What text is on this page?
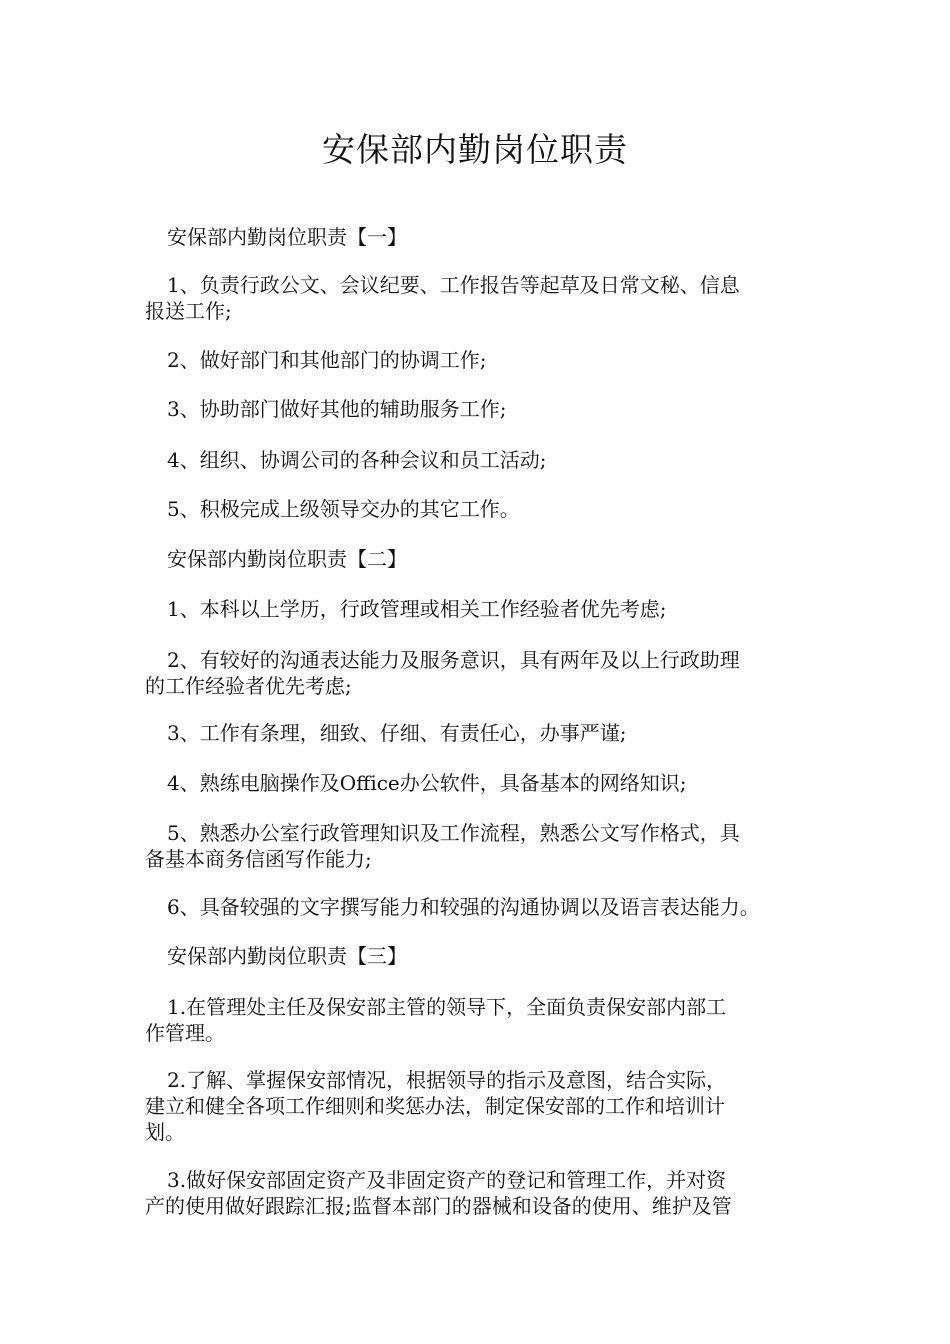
安保部内勤岗位职责
安保部内勤岗位职责【一】
1、负责行政公文、会议纪要、工作报告等起草及日常文秘、信息
报送工作;
2、做好部门和其他部门的协调工作;
3、协助部门做好其他的辅助服务工作;
4、组织、协调公司的各种会议和员工活动;
5、积极完成上级领导交办的其它工作。
安保部内勤岗位职责【二】
1、本科以上学历，行政管理或相关工作经验者优先考虑;
2、有较好的沟通表达能力及服务意识，具有两年及以上行政助理
的工作经验者优先考虑;
3、工作有条理，细致、仔细、有责任心，办事严谨;
4、熟练电脑操作及Office办公软件，具备基本的网络知识;
5、熟悉办公室行政管理知识及工作流程，熟悉公文写作格式，具
备基本商务信函写作能力;
6、具备较强的文字撰写能力和较强的沟通协调以及语言表达能力。
安保部内勤岗位职责【三】
1.在管理处主任及保安部主管的领导下，全面负责保安部内部工
作管理。
2.了解、掌握保安部情况，根据领导的指示及意图，结合实际，
建立和健全各项工作细则和奖惩办法，制定保安部的工作和培训计
划。
3.做好保安部固定资产及非固定资产的登记和管理工作，并对资
产的使用做好跟踪汇报;监督本部门的器械和设备的使用、维护及管
